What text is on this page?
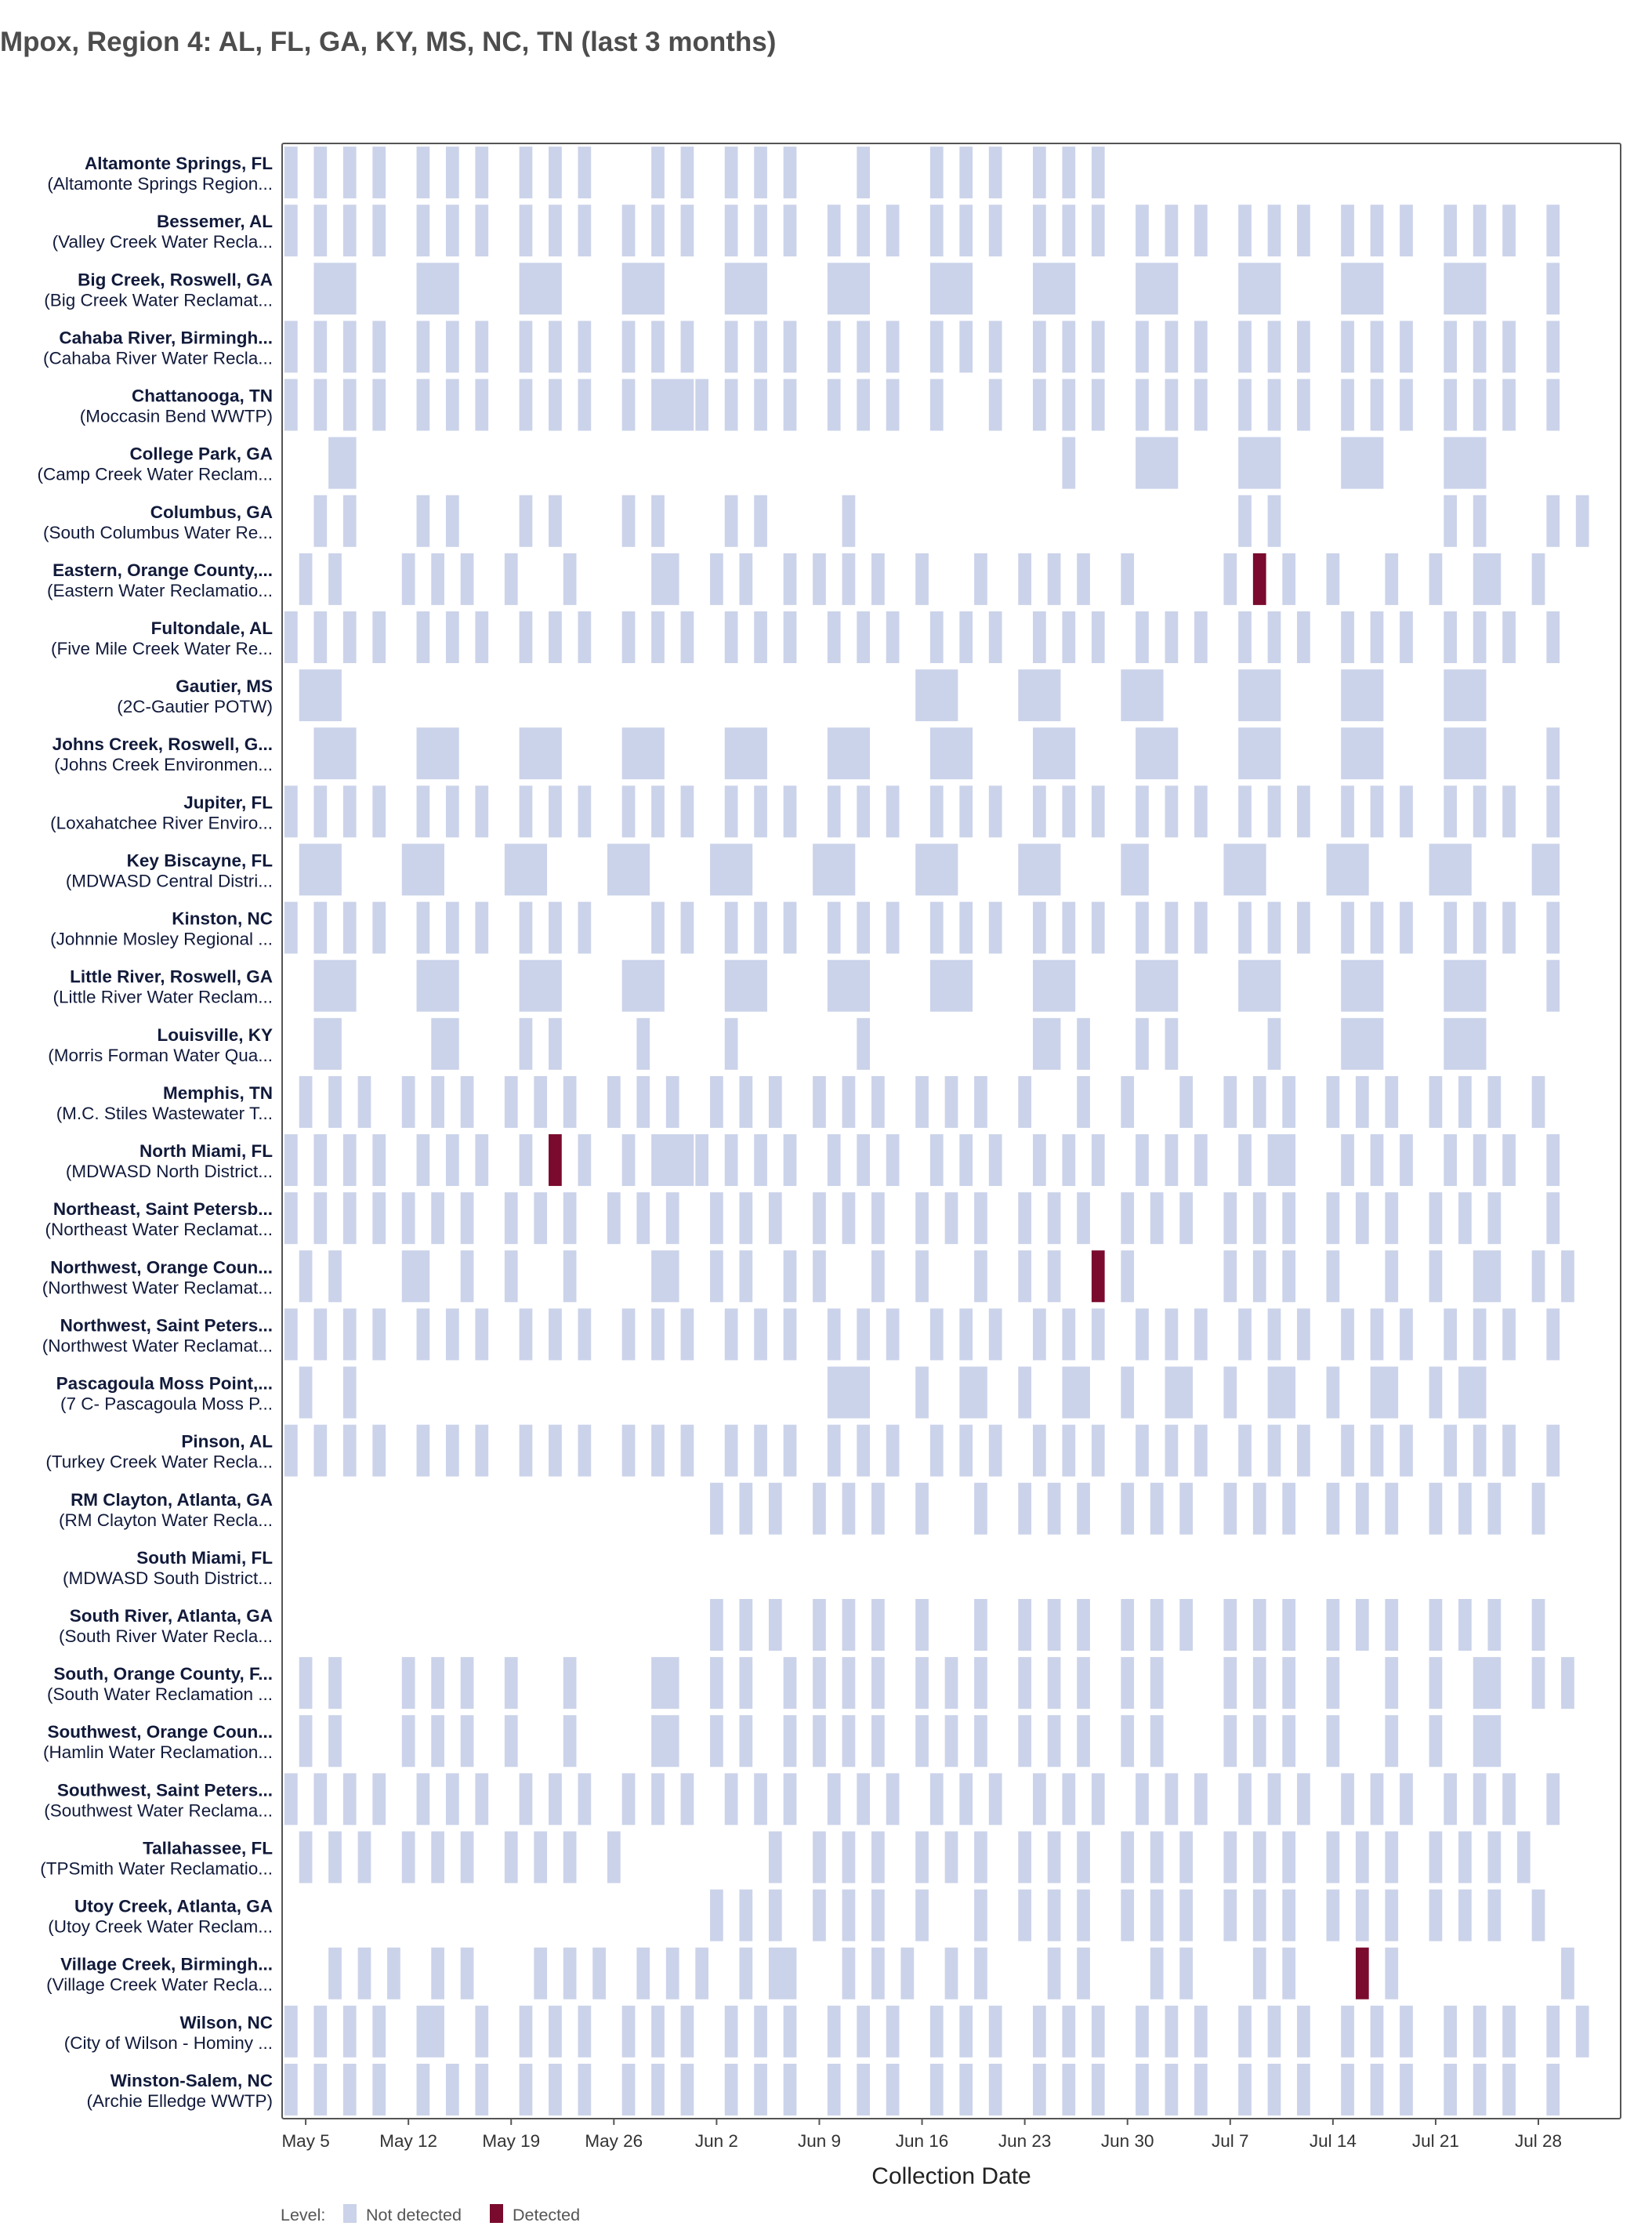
Mpox, Region 4: AL, FL, GA, KY, MS, NC, TN (last 3 months)
Altamonte Springs, FL
(Altamonte Springs Region...
Bessemer, AL
(Valley Creek Water Recla...
Big Creek, Roswell, GA
(Big Creek Water Reclamat...
Cahaba River, Birmingh...
(Cahaba River Water Recla...
Chattanooga, TN
(Moccasin Bend WWTP)
College Park, GA
(Camp Creek Water Reclam...
Columbus, GA
(South Columbus Water Re...
Eastern, Orange County,...
(Eastern Water Reclamatio...
Fultondale, AL
(Five Mile Creek Water Re...
Gautier, MS
(2C-Gautier POTW)
Johns Creek, Roswell, G...
(Johns Creek Environmen...
Jupiter, FL
(Loxahatchee River Enviro...
Key Biscayne, FL
(MDWASD Central Distri...
Kinston, NC
(Johnnie Mosley Regional ...
Little River, Roswell, GA
(Little River Water Reclam...
Louisville, KY
(Morris Forman Water Qua...
Memphis, TN
(M.C. Stiles Wastewater T...
North Miami, FL
(MDWASD North District...
Northeast, Saint Petersb...
(Northeast Water Reclamat...
Northwest, Orange Coun...
(Northwest Water Reclamat...
Northwest, Saint Peters...
(Northwest Water Reclamat...
Pascagoula Moss Point,...
(7 C- Pascagoula Moss P...
Pinson, AL
(Turkey Creek Water Recla...
RM Clayton, Atlanta, GA
(RM Clayton Water Recla...
South Miami, FL
(MDWASD South District...
South River, Atlanta, GA
(South River Water Recla...
South, Orange County, F...
(South Water Reclamation ...
Southwest, Orange Coun...
(Hamlin Water Reclamation...
Southwest, Saint Peters...
(Southwest Water Reclama...
Tallahassee, FL
(TPSmith Water Reclamatio...
Utoy Creek, Atlanta, GA
(Utoy Creek Water Reclam...
Village Creek, Birmingh...
(Village Creek Water Recla...
Wilson, NC
(City of Wilson - Hominy ...
Winston-Salem, NC
(Archie Elledge WWTP)
May 5	May 12	May 19	May 26	Jun 2	Jun 9	Jun 16	Jun 23	Jun 30	Jul 7	Jul 14	Jul 21	Jul 28
Collection Date
Level: Not detected	Detected
